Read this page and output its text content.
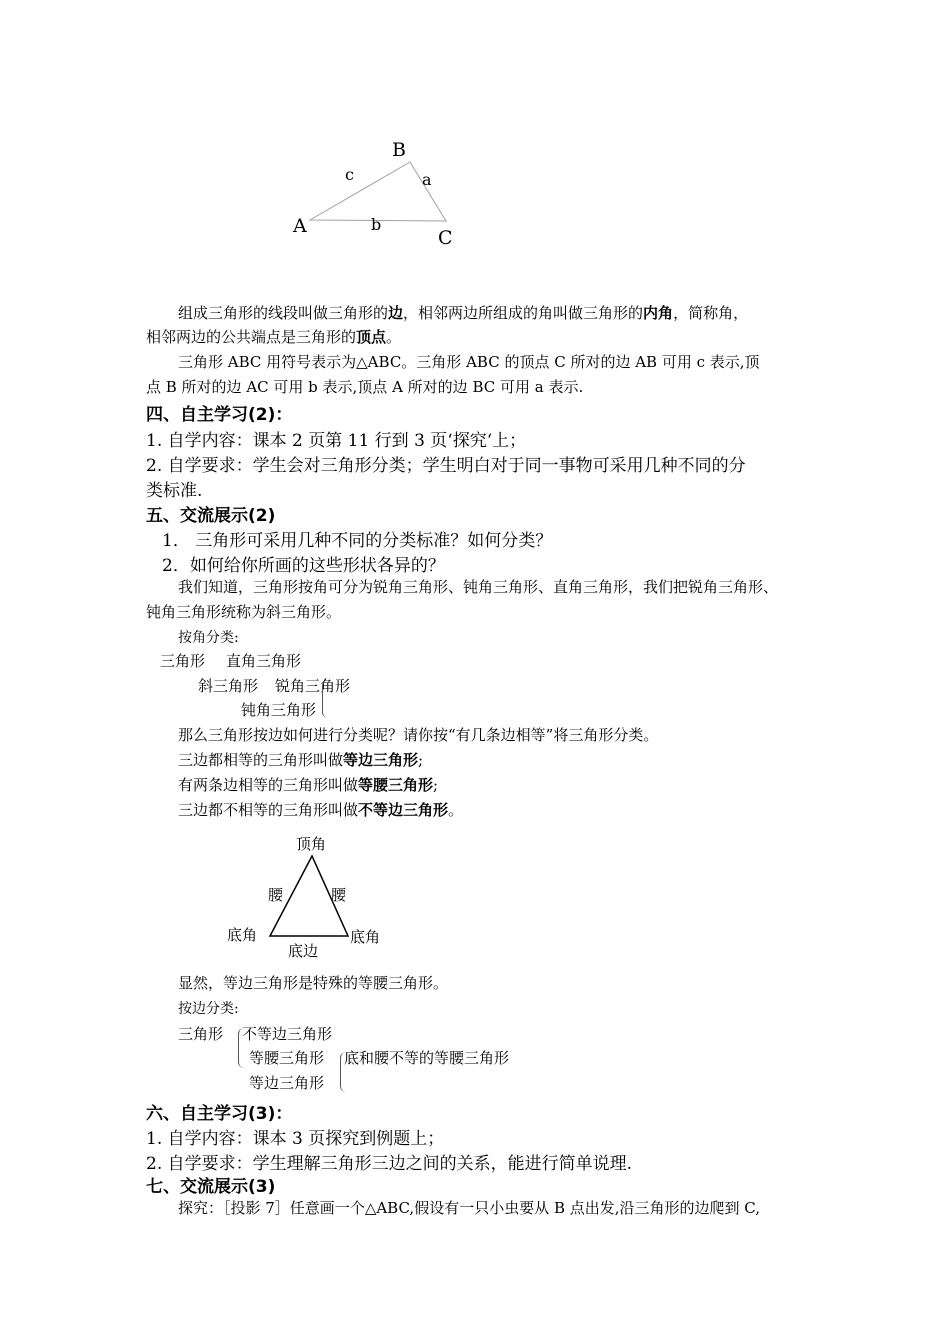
B
c	a
A	b
C
组成三角形的线段叫做三角形的边，相邻两边所组成的角叫做三角形的内角，简称角，
相邻两边的公共端点是三角形的顶点。
三角形 ABC 用符号表示为△ABC。三角形 ABC 的顶点 C 所对的边 AB 可用 c 表示,顶
点 B 所对的边 AC 可用 b 表示,顶点 A 所对的边 BC 可用 a 表示.
四、自主学习(2)：
1. 自学内容：课本 2 页第 11 行到 3 页‘探究‘上；
2. 自学要求：学生会对三角形分类；学生明白对于同一事物可采用几种不同的分
类标准.
五、交流展示(2)
1． 三角形可采用几种不同的分类标准？如何分类？
2．如何给你所画的这些形状各异的？
我们知道，三角形按角可分为锐角三角形、钝角三角形、直角三角形，我们把锐角三角形、
钝角三角形统称为斜三角形。
按角分类:
三角形 直角三角形
斜三角形 锐角三角形
钝角三角形
那么三角形按边如何进行分类呢？请你按“有几条边相等”将三角形分类。
三边都相等的三角形叫做等边三角形;
有两条边相等的三角形叫做等腰三角形;
三边都不相等的三角形叫做不等边三角形。
顶角
腰	腰
底角	底角
底边
显然，等边三角形是特殊的等腰三角形。
按边分类:
三角形 不等边三角形
等腰三角形 底和腰不等的等腰三角形
等边三角形
六、自主学习(3)：
1. 自学内容：课本 3 页探究到例题上；
2. 自学要求：学生理解三角形三边之间的关系，能进行简单说理.
七、交流展示(3)
探究：［投影 7］任意画一个△ABC,假设有一只小虫要从 B 点出发,沿三角形的边爬到 C,
